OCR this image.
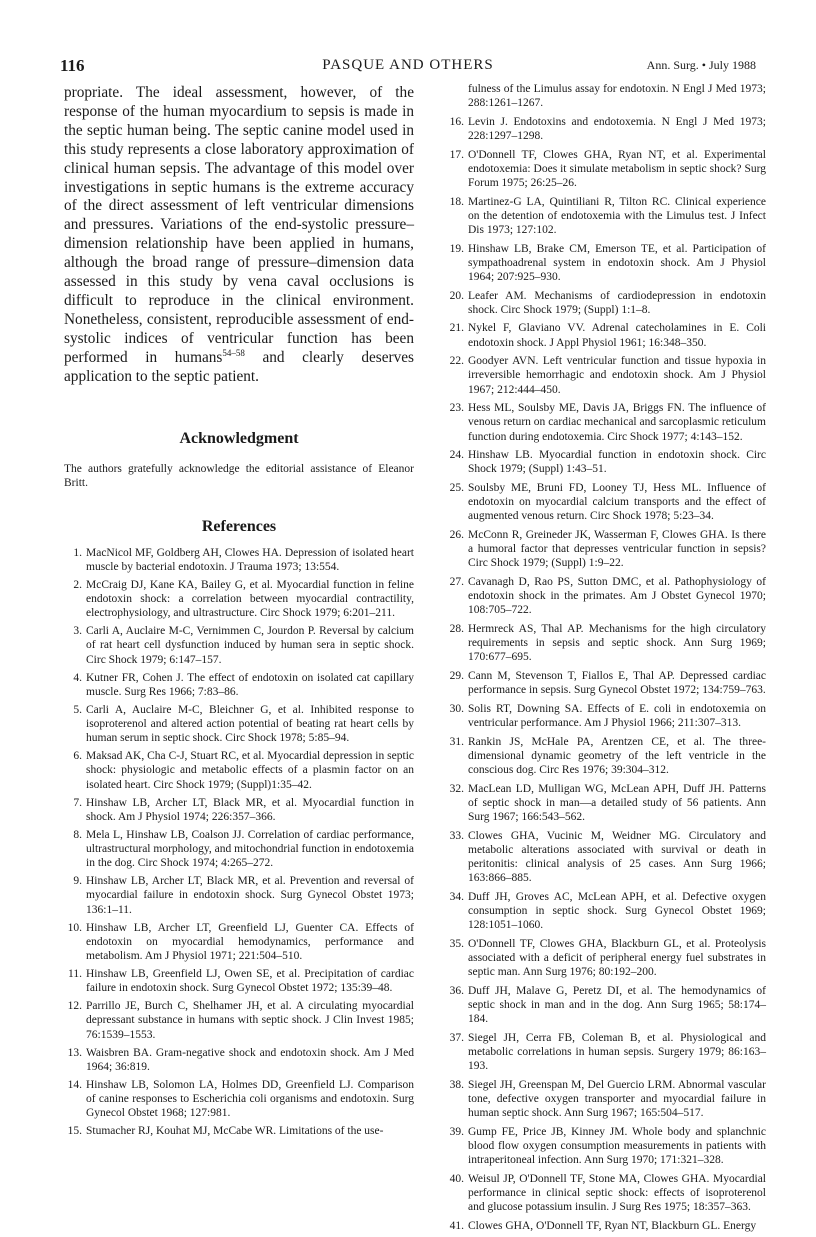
116	PASQUE AND OTHERS	Ann. Surg. • July 1988

propriate. The ideal assessment, however, of the response of the human myocardium to sepsis is made in the septic human being. The septic canine model used in this study represents a close laboratory approximation of clinical human sepsis. The advantage of this model over investigations in septic humans is the extreme accuracy of the direct assessment of left ventricular dimensions and pressures. Variations of the end-systolic pressure–dimension relationship have been applied in humans, although the broad range of pressure–dimension data assessed in this study by vena caval occlusions is difficult to reproduce in the clinical environment. Nonetheless, consistent, reproducible assessment of end-systolic indices of ventricular function has been performed in humans$^{54-58}$ and clearly deserves application to the septic patient.

Acknowledgment

The authors gratefully acknowledge the editorial assistance of Eleanor Britt.

References
1. MacNicol MF, Goldberg AH, Clowes HA. Depression of isolated heart muscle by bacterial endotoxin. J Trauma 1973; 13:554.
2. McCraig DJ, Kane KA, Bailey G, et al. Myocardial function in feline endotoxin shock: a correlation between myocardial contractility, electrophysiology, and ultrastructure. Circ Shock 1979; 6:201–211.
3. Carli A, Auclaire M-C, Vernimmen C, Jourdon P. Reversal by calcium of rat heart cell dysfunction induced by human sera in septic shock. Circ Shock 1979; 6:147–157.
4. Kutner FR, Cohen J. The effect of endotoxin on isolated cat capillary muscle. Surg Res 1966; 7:83–86.
5. Carli A, Auclaire M-C, Bleichner G, et al. Inhibited response to isoproterenol and altered action potential of beating rat heart cells by human serum in septic shock. Circ Shock 1978; 5:85–94.
6. Maksad AK, Cha C-J, Stuart RC, et al. Myocardial depression in septic shock: physiologic and metabolic effects of a plasmin factor on an isolated heart. Circ Shock 1979; (Suppl)1:35–42.
7. Hinshaw LB, Archer LT, Black MR, et al. Myocardial function in shock. Am J Physiol 1974; 226:357–366.
8. Mela L, Hinshaw LB, Coalson JJ. Correlation of cardiac performance, ultrastructural morphology, and mitochondrial function in endotoxemia in the dog. Circ Shock 1974; 4:265–272.
9. Hinshaw LB, Archer LT, Black MR, et al. Prevention and reversal of myocardial failure in endotoxin shock. Surg Gynecol Obstet 1973; 136:1–11.
10. Hinshaw LB, Archer LT, Greenfield LJ, Guenter CA. Effects of endotoxin on myocardial hemodynamics, performance and metabolism. Am J Physiol 1971; 221:504–510.
11. Hinshaw LB, Greenfield LJ, Owen SE, et al. Precipitation of cardiac failure in endotoxin shock. Surg Gynecol Obstet 1972; 135:39–48.
12. Parrillo JE, Burch C, Shelhamer JH, et al. A circulating myocardial depressant substance in humans with septic shock. J Clin Invest 1985; 76:1539–1553.
13. Waisbren BA. Gram-negative shock and endotoxin shock. Am J Med 1964; 36:819.
14. Hinshaw LB, Solomon LA, Holmes DD, Greenfield LJ. Comparison of canine responses to Escherichia coli organisms and endotoxin. Surg Gynecol Obstet 1968; 127:981.
15. Stumacher RJ, Kouhat MJ, McCabe WR. Limitations of the use-
fulness of the Limulus assay for endotoxin. N Engl J Med 1973; 288:1261–1267.
16. Levin J. Endotoxins and endotoxemia. N Engl J Med 1973; 228:1297–1298.
17. O'Donnell TF, Clowes GHA, Ryan NT, et al. Experimental endotoxemia: Does it simulate metabolism in septic shock? Surg Forum 1975; 26:25–26.
18. Martinez-G LA, Quintiliani R, Tilton RC. Clinical experience on the detention of endotoxemia with the Limulus test. J Infect Dis 1973; 127:102.
19. Hinshaw LB, Brake CM, Emerson TE, et al. Participation of sympathoadrenal system in endotoxin shock. Am J Physiol 1964; 207:925–930.
20. Leafer AM. Mechanisms of cardiodepression in endotoxin shock. Circ Shock 1979; (Suppl) 1:1–8.
21. Nykel F, Glaviano VV. Adrenal catecholamines in E. Coli endotoxin shock. J Appl Physiol 1961; 16:348–350.
22. Goodyer AVN. Left ventricular function and tissue hypoxia in irreversible hemorrhagic and endotoxin shock. Am J Physiol 1967; 212:444–450.
23. Hess ML, Soulsby ME, Davis JA, Briggs FN. The influence of venous return on cardiac mechanical and sarcoplasmic reticulum function during endotoxemia. Circ Shock 1977; 4:143–152.
24. Hinshaw LB. Myocardial function in endotoxin shock. Circ Shock 1979; (Suppl) 1:43–51.
25. Soulsby ME, Bruni FD, Looney TJ, Hess ML. Influence of endotoxin on myocardial calcium transports and the effect of augmented venous return. Circ Shock 1978; 5:23–34.
26. McConn R, Greineder JK, Wasserman F, Clowes GHA. Is there a humoral factor that depresses ventricular function in sepsis? Circ Shock 1979; (Suppl) 1:9–22.
27. Cavanagh D, Rao PS, Sutton DMC, et al. Pathophysiology of endotoxin shock in the primates. Am J Obstet Gynecol 1970; 108:705–722.
28. Hermreck AS, Thal AP. Mechanisms for the high circulatory requirements in sepsis and septic shock. Ann Surg 1969; 170:677–695.
29. Cann M, Stevenson T, Fiallos E, Thal AP. Depressed cardiac performance in sepsis. Surg Gynecol Obstet 1972; 134:759–763.
30. Solis RT, Downing SA. Effects of E. coli in endotoxemia on ventricular performance. Am J Physiol 1966; 211:307–313.
31. Rankin JS, McHale PA, Arentzen CE, et al. The three-dimensional dynamic geometry of the left ventricle in the conscious dog. Circ Res 1976; 39:304–312.
32. MacLean LD, Mulligan WG, McLean APH, Duff JH. Patterns of septic shock in man—a detailed study of 56 patients. Ann Surg 1967; 166:543–562.
33. Clowes GHA, Vucinic M, Weidner MG. Circulatory and metabolic alterations associated with survival or death in peritonitis: clinical analysis of 25 cases. Ann Surg 1966; 163:866–885.
34. Duff JH, Groves AC, McLean APH, et al. Defective oxygen consumption in septic shock. Surg Gynecol Obstet 1969; 128:1051–1060.
35. O'Donnell TF, Clowes GHA, Blackburn GL, et al. Proteolysis associated with a deficit of peripheral energy fuel substrates in septic man. Ann Surg 1976; 80:192–200.
36. Duff JH, Malave G, Peretz DI, et al. The hemodynamics of septic shock in man and in the dog. Ann Surg 1965; 58:174–184.
37. Siegel JH, Cerra FB, Coleman B, et al. Physiological and metabolic correlations in human sepsis. Surgery 1979; 86:163–193.
38. Siegel JH, Greenspan M, Del Guercio LRM. Abnormal vascular tone, defective oxygen transporter and myocardial failure in human septic shock. Ann Surg 1967; 165:504–517.
39. Gump FE, Price JB, Kinney JM. Whole body and splanchnic blood flow oxygen consumption measurements in patients with intraperitoneal infection. Ann Surg 1970; 171:321–328.
40. Weisul JP, O'Donnell TF, Stone MA, Clowes GHA. Myocardial performance in clinical septic shock: effects of isoproterenol and glucose potassium insulin. J Surg Res 1975; 18:357–363.
41. Clowes GHA, O'Donnell TF, Ryan NT, Blackburn GL. Energy
